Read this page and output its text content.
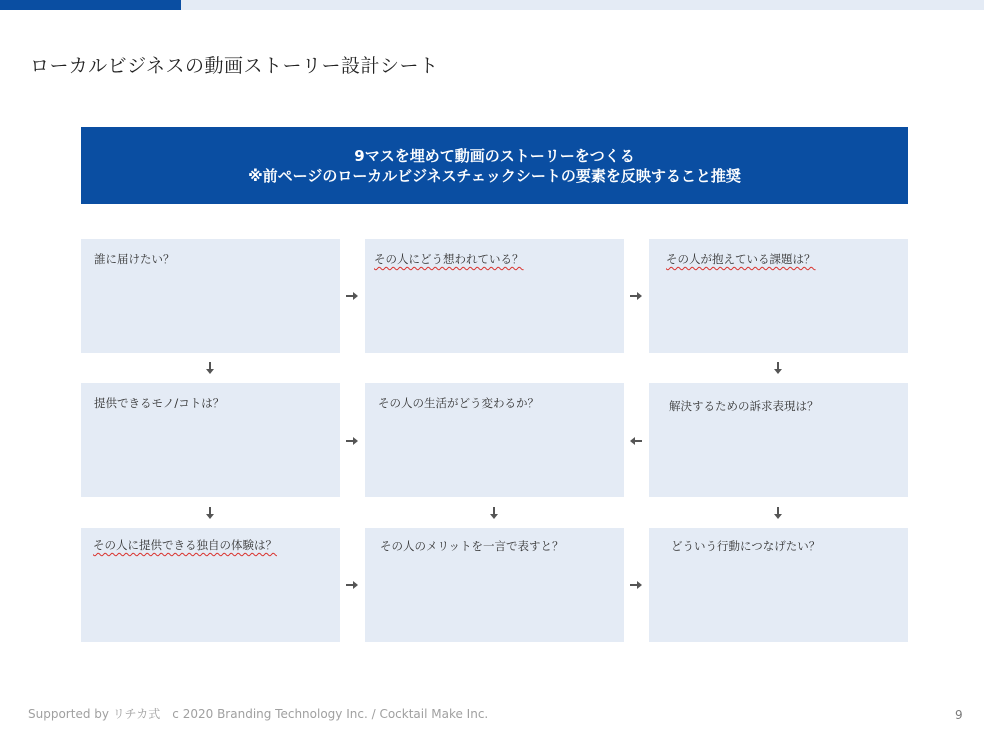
ローカルビジネスの動画ストーリー設計シート
9マスを埋めて動画のストーリーをつくる
※前ページのローカルビジネスチェックシートの要素を反映すること推奨
誰に届けたい？	その人にどう想われている？	その人が抱えている課題は？
提供できるモノ/コトは？	その人の生活がどう変わるか？	解決するための訴求表現は？
その人に提供できる独自の体験は？	その人のメリットを一言で表すと？	どういう行動につなげたい？
Supported by リチカ式　c 2020 Branding Technology Inc. / Cocktail Make Inc.	9
